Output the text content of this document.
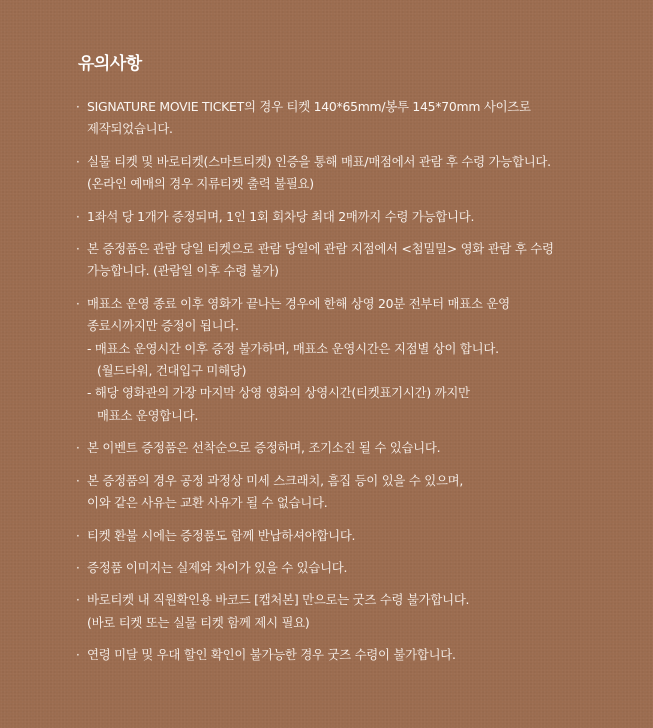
유의사항
· SIGNATURE MOVIE TICKET의 경우 티켓 140*65mm/봉투 145*70mm 사이즈로
제작되었습니다.
· 실물 티켓 및 바로티켓(스마트티켓) 인증을 통해 매표/매점에서 관람 후 수령 가능합니다.
(온라인 예매의 경우 지류티켓 출력 불필요)
· 1좌석 당 1개가 증정되며, 1인 1회 회차당 최대 2매까지 수령 가능합니다.
· 본 증정품은 관람 당일 티켓으로 관람 당일에 관람 지점에서 <첨밀밀> 영화 관람 후 수령
가능합니다. (관람일 이후 수령 불가)
· 매표소 운영 종료 이후 영화가 끝나는 경우에 한해 상영 20분 전부터 매표소 운영
종료시까지만 증정이 됩니다.
- 매표소 운영시간 이후 증정 불가하며, 매표소 운영시간은 지점별 상이 합니다.
(월드타워, 건대입구 미해당)
- 해당 영화관의 가장 마지막 상영 영화의 상영시간(티켓표기시간) 까지만
매표소 운영합니다.
· 본 이벤트 증정품은 선착순으로 증정하며, 조기소진 될 수 있습니다.
· 본 증정품의 경우 공정 과정상 미세 스크래치, 흠집 등이 있을 수 있으며,
이와 같은 사유는 교환 사유가 될 수 없습니다.
· 티켓 환불 시에는 증정품도 함께 반납하셔야합니다.
· 증정품 이미지는 실제와 차이가 있을 수 있습니다.
· 바로티켓 내 직원확인용 바코드 [캡처본] 만으로는 굿즈 수령 불가합니다.
(바로 티켓 또는 실물 티켓 함께 제시 필요)
· 연령 미달 및 우대 할인 확인이 불가능한 경우 굿즈 수령이 불가합니다.
